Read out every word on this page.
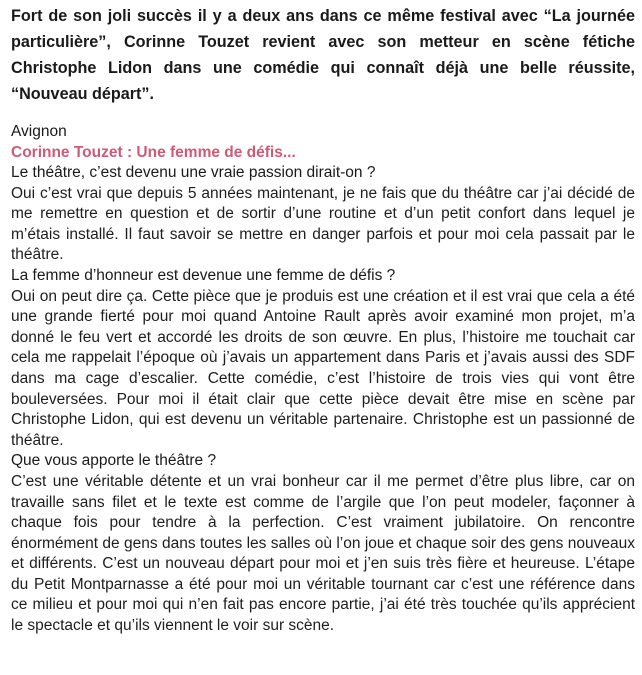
Fort de son joli succès il y a deux ans dans ce même festival avec “La journée particulière”, Corinne Touzet revient avec son metteur en scène fétiche Christophe Lidon dans une comédie qui connaît déjà une belle réussite, “Nouveau départ”.

Avignon

Corinne Touzet : Une femme de défis...

Le théâtre, c’est devenu une vraie passion dirait-on ?

Oui c’est vrai que depuis 5 années maintenant, je ne fais que du théâtre car j’ai décidé de me remettre en question et de sortir d’une routine et d’un petit confort dans lequel je m’étais installé. Il faut savoir se mettre en danger parfois et pour moi cela passait par le théâtre.

La femme d’honneur est devenue une femme de défis ?

Oui on peut dire ça. Cette pièce que je produis est une création et il est vrai que cela a été une grande fierté pour moi quand Antoine Rault après avoir examiné mon projet, m’a donné le feu vert et accordé les droits de son œuvre. En plus, l’histoire me touchait car cela me rappelait l’époque où j’avais un appartement dans Paris et j’avais aussi des SDF dans ma cage d’escalier. Cette comédie, c’est l’histoire de trois vies qui vont être bouleversées. Pour moi il était clair que cette pièce devait être mise en scène par Christophe Lidon, qui est devenu un véritable partenaire. Christophe est un passionné de théâtre.

Que vous apporte le théâtre ?

C’est une véritable détente et un vrai bonheur car il me permet d’être plus libre, car on travaille sans filet et le texte est comme de l’argile que l’on peut modeler, façonner à chaque fois pour tendre à la perfection. C’est vraiment jubilatoire. On rencontre énormément de gens dans toutes les salles où l’on joue et chaque soir des gens nouveaux et différents. C’est un nouveau départ pour moi et j’en suis très fière et heureuse. L’étape du Petit Montparnasse a été pour moi un véritable tournant car c’est une référence dans ce milieu et pour moi qui n’en fait pas encore partie, j’ai été très touchée qu’ils apprécient le spectacle et qu’ils viennent le voir sur scène.
